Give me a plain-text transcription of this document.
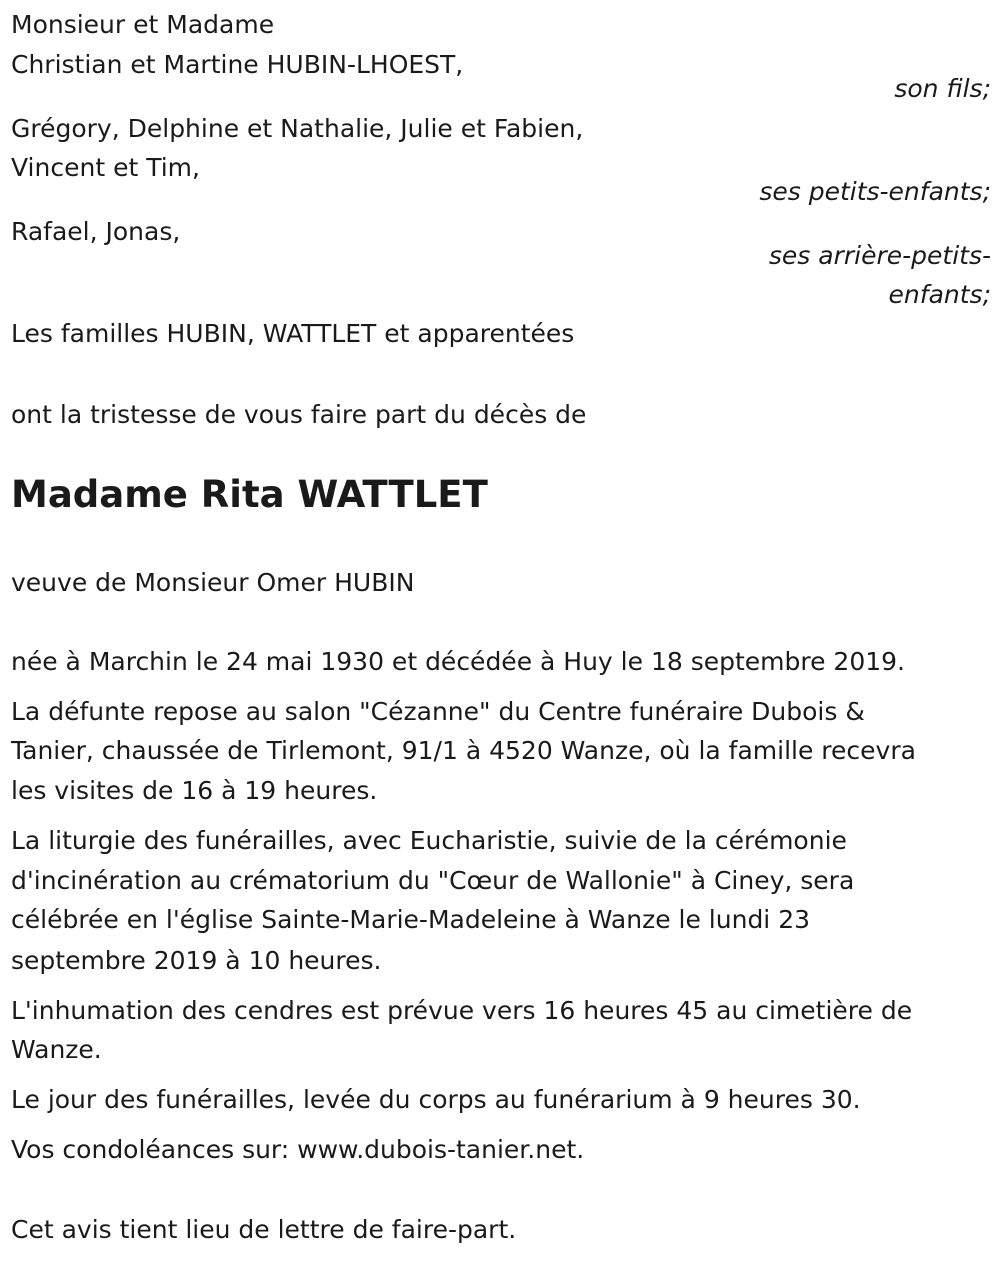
Monsieur et Madame

Christian et Martine HUBIN-LHOEST,

son fils;

Grégory, Delphine et Nathalie, Julie et Fabien,

Vincent et Tim,

ses petits-enfants;

Rafael, Jonas,

ses arrière-petits-

enfants;

Les familles HUBIN, WATTLET et apparentées

ont la tristesse de vous faire part du décès de

Madame Rita WATTLET

veuve de Monsieur Omer HUBIN

née à Marchin le 24 mai 1930 et décédée à Huy le 18 septembre 2019.

La défunte repose au salon "Cézanne" du Centre funéraire Dubois &

Tanier, chaussée de Tirlemont, 91/1 à 4520 Wanze, où la famille recevra

les visites de 16 à 19 heures.

La liturgie des funérailles, avec Eucharistie, suivie de la cérémonie

d'incinération au crématorium du "Cœur de Wallonie" à Ciney, sera

célébrée en l'église Sainte-Marie-Madeleine à Wanze le lundi 23

septembre 2019 à 10 heures.

L'inhumation des cendres est prévue vers 16 heures 45 au cimetière de

Wanze.

Le jour des funérailles, levée du corps au funérarium à 9 heures 30.

Vos condoléances sur: www.dubois-tanier.net.

Cet avis tient lieu de lettre de faire-part.
